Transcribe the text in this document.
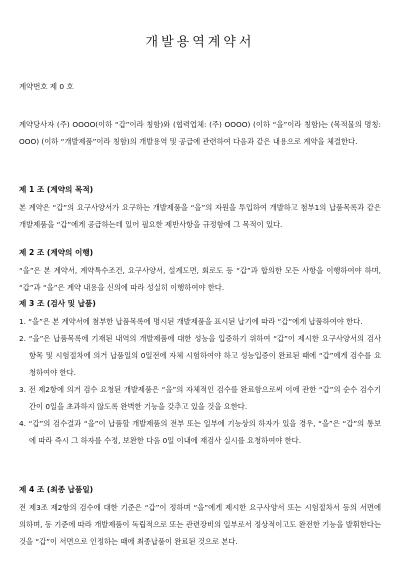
개발용역계약서
계약번호 제 0 호
계약당사자 (주) OOOO(이하 “갑”이라 칭함)와 (협력업체: (주) OOOO) (이하 “을”이라 칭함)는 (목적물의 명칭: OOO) (이하 “개발제품”이라 칭함)의 개발용역 및 공급에 관련하여 다음과 같은 내용으로 계약을 체결한다.
제 1 조 (계약의 목적)
본 계약은 “갑”의 요구사양서가 요구하는 개발제품을 “을”의 자원을 투입하여 개발하고 첨부1의 납품목록과 같은 개발제품을 “갑”에게 공급하는데 있어 필요한 제반사항을 규정함에 그 목적이 있다.
제 2 조 (계약의 이행)
“을”은 본 계약서, 계약특수조건, 요구사양서, 설계도면, 회로도 등 “갑”과 합의한 모든 사항을 이행하여야 하며, “갑”과 “을”은 계약 내용을 신의에 따라 성실히 이행하여야 한다.
제 3 조 (검사 및 납품)
1. “을”은 본 계약서에 첨부한 납품목록에 명시된 개발제품을 표시된 납기에 따라 “갑”에게 납품하여야 한다.
2. “을”은 납품목록에 기재된 내역의 개발제품에 대한 성능을 입증하기 위하여 “갑”이 제시한 요구사양서의 검사항목 및 시험절차에 의거 납품일의 0일전에 자체 시험하여야 하고 성능입증이 완료된 때에 “갑”에게 검수를 요청하여야 한다.
3. 전 제2항에 의거 검수 요청된 개발제품은 “을”의 자체적인 검수를 완료함으로써 이에 관한 “갑”의 순수 검수기간이 0일을 초과하지 않도록 완벽한 기능을 갖추고 있을 것을 요한다.
4. “갑”의 검수결과 “을”이 납품할 개발제품의 전부 또는 일부에 기능상의 하자가 있을 경우, “을”은 “갑”의 통보에 따라 즉시 그 하자를 수정, 보완한 다음 0일 이내에 재검사 실시를 요청하여야 한다.
제 4 조 (최종 납품일)
전 제3조 제2항의 검수에 대한 기준은 “갑”이 정하며 “을”에게 제시한 요구사양서 또는 시험절차서 등의 서면에 의하며, 동 기준에 따라 개발제품이 독립적으로 또는 관련장비의 일부로서 정상적이고도 완전한 기능을 발휘한다는 것을 “갑”이 서면으로 인정하는 때에 최종납품이 완료된 것으로 본다.
